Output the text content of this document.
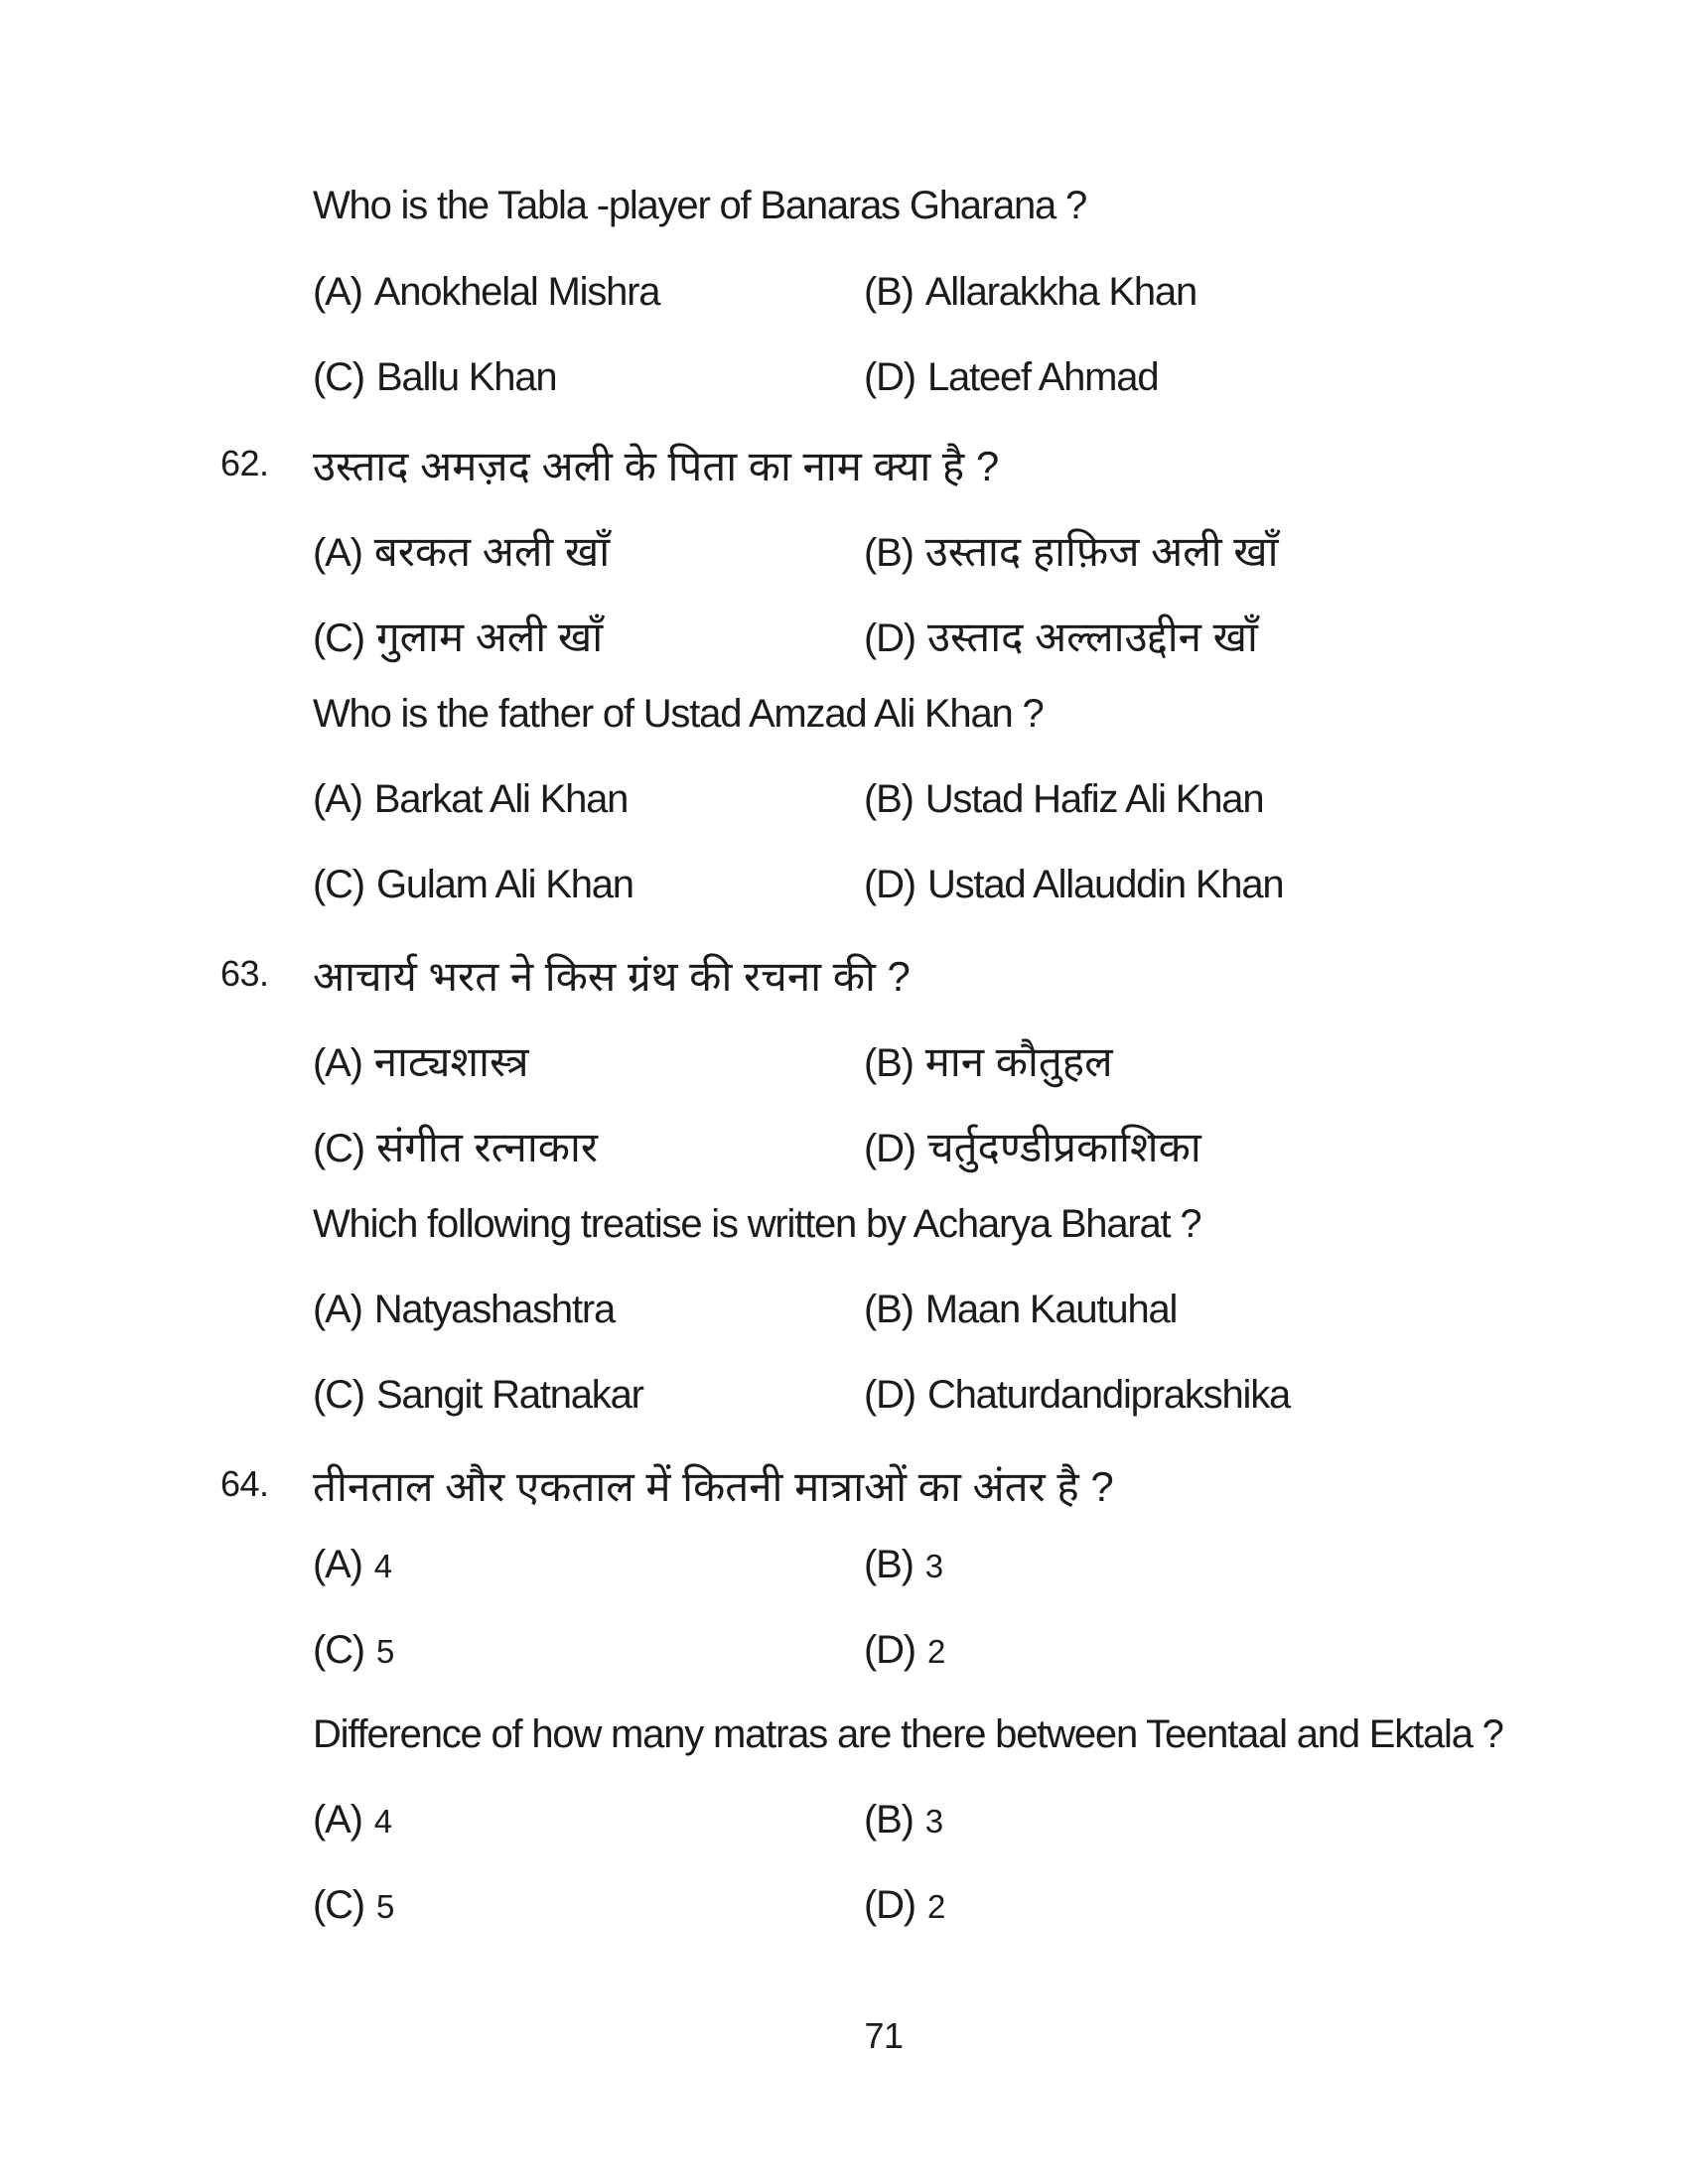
Who is the Tabla -player of Banaras Gharana ?
(A) Anokhelal Mishra	(B) Allarakkha Khan
(C) Ballu Khan	(D) Lateef Ahmad
62. उस्ताद अमज़द अली के पिता का नाम क्या है ?
(A) बरकत अली खाँ	(B) उस्ताद हाफ़िज अली खाँ
(C) गुलाम अली खाँ	(D) उस्ताद अल्लाउद्दीन खाँ
Who is the father of Ustad Amzad Ali Khan ?
(A) Barkat Ali Khan	(B) Ustad Hafiz Ali Khan
(C) Gulam Ali Khan	(D) Ustad Allauddin Khan
63. आचार्य भरत ने किस ग्रंथ की रचना की ?
(A) नाट्यशास्त्र	(B) मान कौतुहल
(C) संगीत रत्नाकार	(D) चर्तुदण्डीप्रकाशिका
Which following treatise is written by Acharya Bharat ?
(A) Natyashashtra	(B) Maan Kautuhal
(C) Sangit Ratnakar	(D) Chaturdandiprakshika
64. तीनताल और एकताल में कितनी मात्राओं का अंतर है ?
(A) 4	(B) 3
(C) 5	(D) 2
Difference of how many matras are there between Teentaal and Ektala ?
(A) 4	(B) 3
(C) 5	(D) 2
71
